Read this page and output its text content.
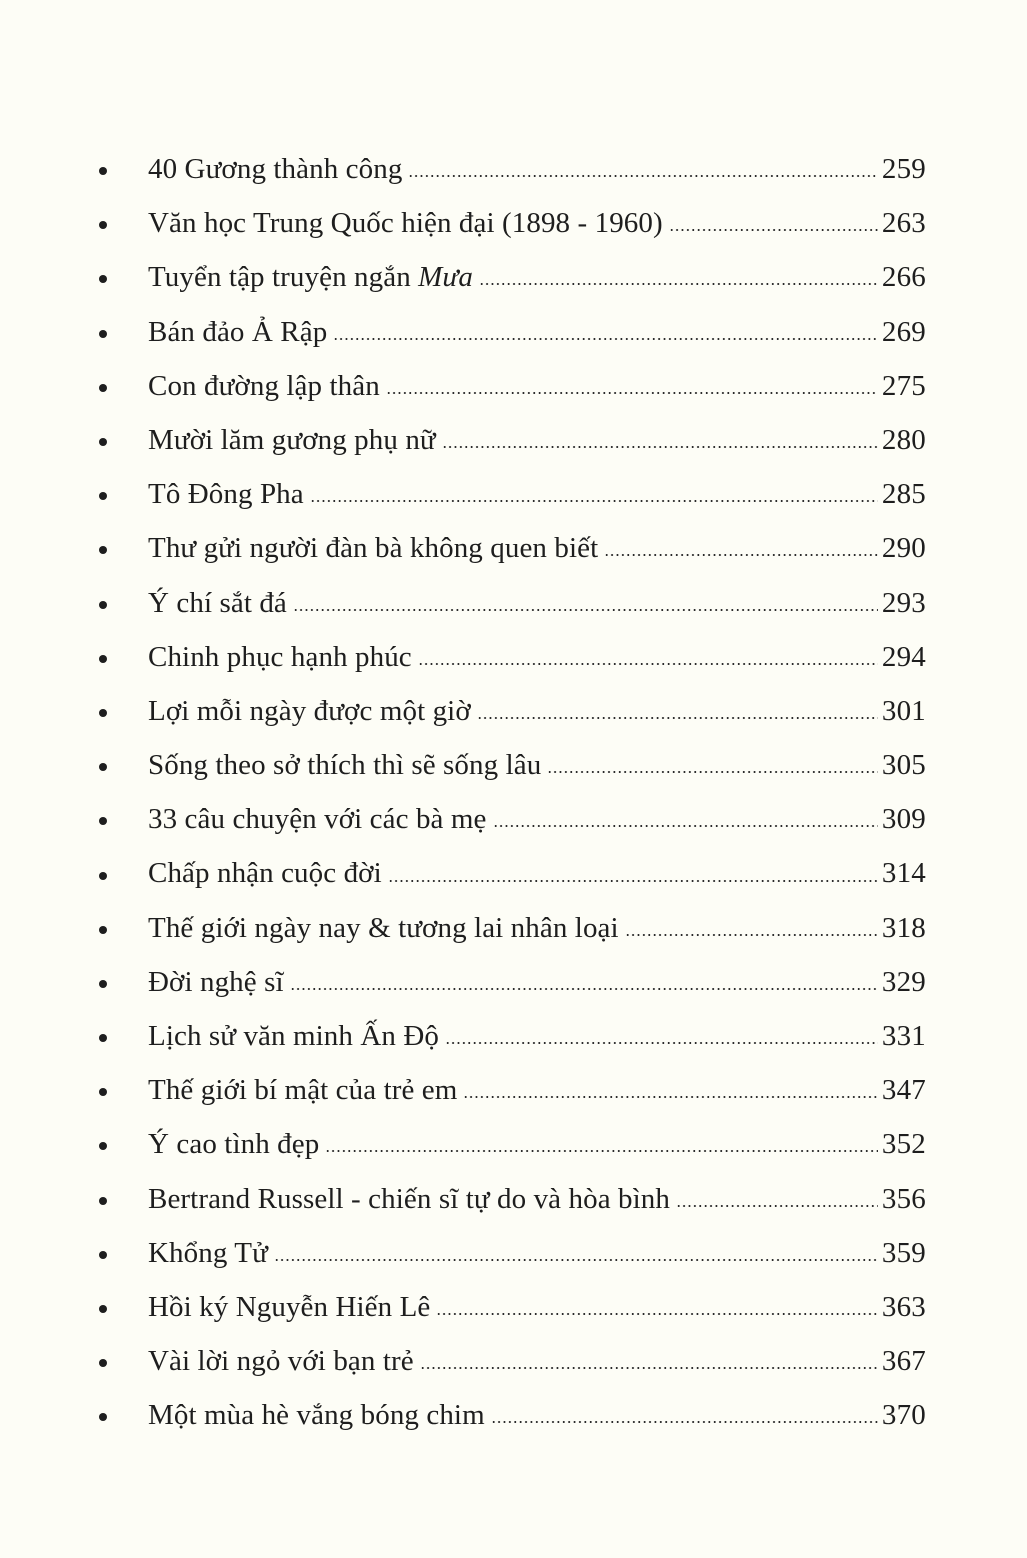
40 Gương thành công	259
Văn học Trung Quốc hiện đại (1898 - 1960)	263
Tuyển tập truyện ngắn Mưa	266
Bán đảo Ả Rập	269
Con đường lập thân	275
Mười lăm gương phụ nữ	280
Tô Đông Pha	285
Thư gửi người đàn bà không quen biết	290
Ý chí sắt đá	293
Chinh phục hạnh phúc	294
Lợi mỗi ngày được một giờ	301
Sống theo sở thích thì sẽ sống lâu	305
33 câu chuyện với các bà mẹ	309
Chấp nhận cuộc đời	314
Thế giới ngày nay & tương lai nhân loại	318
Đời nghệ sĩ	329
Lịch sử văn minh Ấn Độ	331
Thế giới bí mật của trẻ em	347
Ý cao tình đẹp	352
Bertrand Russell - chiến sĩ tự do và hòa bình	356
Khổng Tử	359
Hồi ký Nguyễn Hiến Lê	363
Vài lời ngỏ với bạn trẻ	367
Một mùa hè vắng bóng chim	370
